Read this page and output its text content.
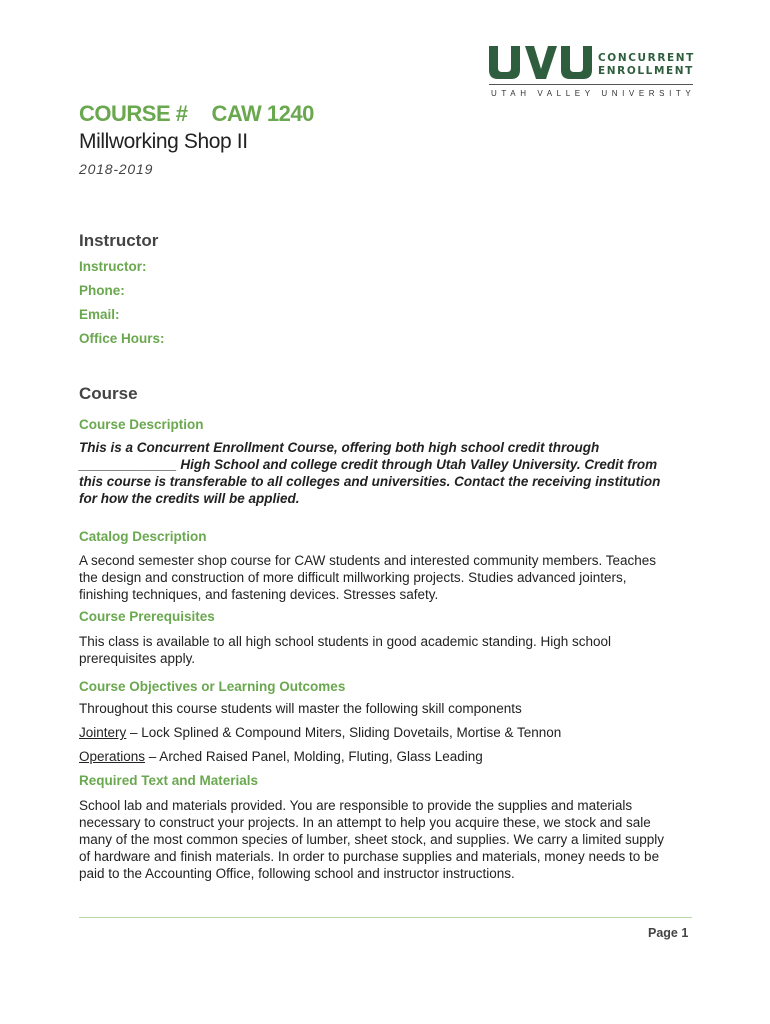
CONCURRENT
ENROLLMENT
UTAH VALLEY UNIVERSITY
COURSE # CAW 1240
Millworking Shop II
2018-2019
Instructor
Instructor:
Phone:
Email:
Office Hours:
Course
Course Description
This is a Concurrent Enrollment Course, offering both high school credit through
_____________ High School and college credit through Utah Valley University. Credit from
this course is transferable to all colleges and universities. Contact the receiving institution
for how the credits will be applied.
Catalog Description
A second semester shop course for CAW students and interested community members. Teaches
the design and construction of more difficult millworking projects. Studies advanced jointers,
finishing techniques, and fastening devices. Stresses safety.
Course Prerequisites
This class is available to all high school students in good academic standing. High school
prerequisites apply.
Course Objectives or Learning Outcomes
Throughout this course students will master the following skill components
Jointery – Lock Splined & Compound Miters, Sliding Dovetails, Mortise & Tennon
Operations – Arched Raised Panel, Molding, Fluting, Glass Leading
Required Text and Materials
School lab and materials provided. You are responsible to provide the supplies and materials
necessary to construct your projects. In an attempt to help you acquire these, we stock and sale
many of the most common species of lumber, sheet stock, and supplies. We carry a limited supply
of hardware and finish materials. In order to purchase supplies and materials, money needs to be
paid to the Accounting Office, following school and instructor instructions.
Page 1
